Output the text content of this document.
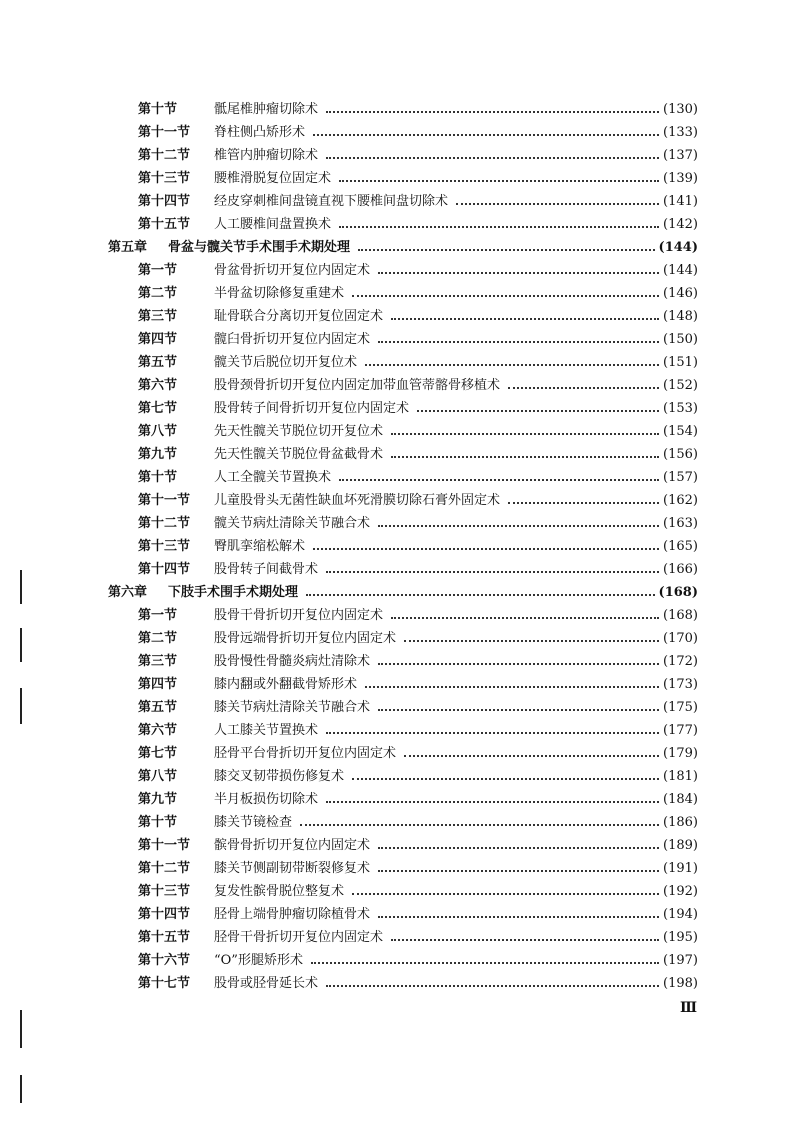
第十节	骶尾椎肿瘤切除术	(130)
第十一节	脊柱侧凸矫形术	(133)
第十二节	椎管内肿瘤切除术	(137)
第十三节	腰椎滑脱复位固定术	(139)
第十四节	经皮穿刺椎间盘镜直视下腰椎间盘切除术	(141)
第十五节	人工腰椎间盘置换术	(142)
第五章	骨盆与髋关节手术围手术期处理	(144)
第一节	骨盆骨折切开复位内固定术	(144)
第二节	半骨盆切除修复重建术	(146)
第三节	耻骨联合分离切开复位固定术	(148)
第四节	髋臼骨折切开复位内固定术	(150)
第五节	髋关节后脱位切开复位术	(151)
第六节	股骨颈骨折切开复位内固定加带血管蒂髂骨移植术	(152)
第七节	股骨转子间骨折切开复位内固定术	(153)
第八节	先天性髋关节脱位切开复位术	(154)
第九节	先天性髋关节脱位骨盆截骨术	(156)
第十节	人工全髋关节置换术	(157)
第十一节	儿童股骨头无菌性缺血坏死滑膜切除石膏外固定术	(162)
第十二节	髋关节病灶清除关节融合术	(163)
第十三节	臀肌挛缩松解术	(165)
第十四节	股骨转子间截骨术	(166)
第六章	下肢手术围手术期处理	(168)
第一节	股骨干骨折切开复位内固定术	(168)
第二节	股骨远端骨折切开复位内固定术	(170)
第三节	股骨慢性骨髓炎病灶清除术	(172)
第四节	膝内翻或外翻截骨矫形术	(173)
第五节	膝关节病灶清除关节融合术	(175)
第六节	人工膝关节置换术	(177)
第七节	胫骨平台骨折切开复位内固定术	(179)
第八节	膝交叉韧带损伤修复术	(181)
第九节	半月板损伤切除术	(184)
第十节	膝关节镜检查	(186)
第十一节	髌骨骨折切开复位内固定术	(189)
第十二节	膝关节侧副韧带断裂修复术	(191)
第十三节	复发性髌骨脱位整复术	(192)
第十四节	胫骨上端骨肿瘤切除植骨术	(194)
第十五节	胫骨干骨折切开复位内固定术	(195)
第十六节	“O”形腿矫形术	(197)
第十七节	股骨或胫骨延长术	(198)
Ⅲ
